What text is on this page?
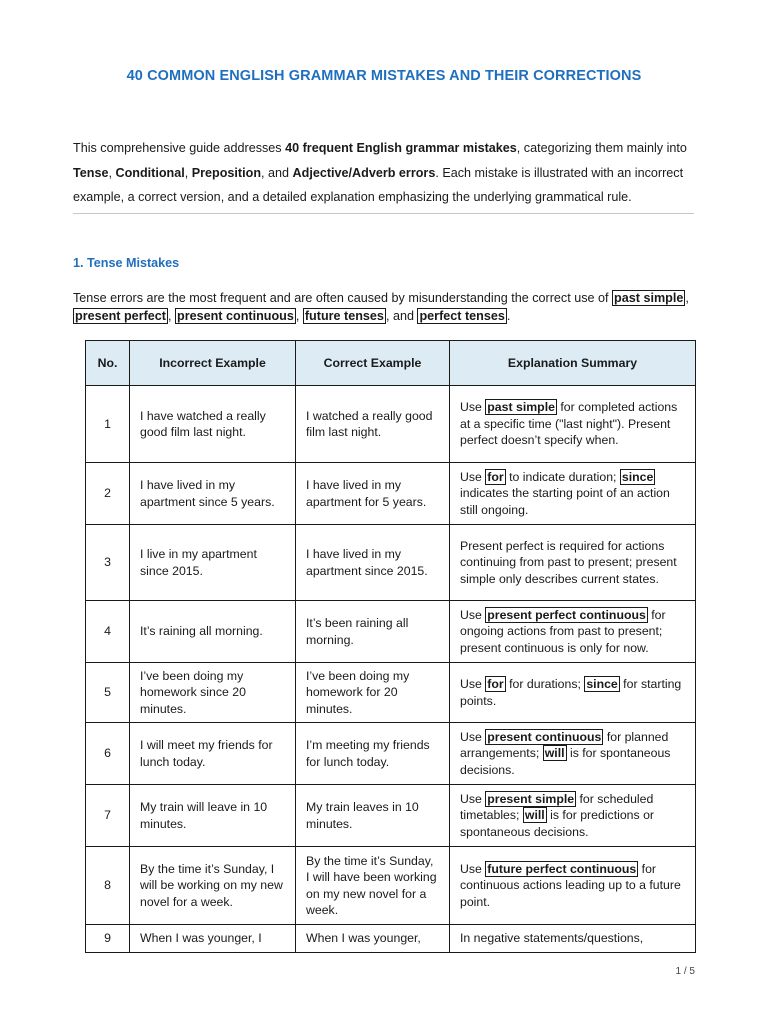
40 COMMON ENGLISH GRAMMAR MISTAKES AND THEIR CORRECTIONS

This comprehensive guide addresses 40 frequent English grammar mistakes, categorizing them mainly into Tense, Conditional, Preposition, and Adjective/Adverb errors. Each mistake is illustrated with an incorrect example, a correct version, and a detailed explanation emphasizing the underlying grammatical rule.

1. Tense Mistakes

Tense errors are the most frequent and are often caused by misunderstanding the correct use of past simple , present perfect , present continuous , future tenses , and perfect tenses .

No.	Incorrect Example	Correct Example	Explanation Summary
1	I have watched a really good film last night.	I watched a really good film last night.	Use past simple for completed actions at a specific time ("last night"). Present perfect doesn’t specify when.
2	I have lived in my apartment since 5 years.	I have lived in my apartment for 5 years.	Use for to indicate duration; since indicates the starting point of an action still ongoing.
3	I live in my apartment since 2015.	I have lived in my apartment since 2015.	Present perfect is required for actions continuing from past to present; present simple only describes current states.
4	It’s raining all morning.	It’s been raining all morning.	Use present perfect continuous for ongoing actions from past to present; present continuous is only for now.
5	I’ve been doing my homework since 20 minutes.	I’ve been doing my homework for 20 minutes.	Use for for durations; since for starting points.
6	I will meet my friends for lunch today.	I’m meeting my friends for lunch today.	Use present continuous for planned arrangements; will is for spontaneous decisions.
7	My train will leave in 10 minutes.	My train leaves in 10 minutes.	Use present simple for scheduled timetables; will is for predictions or spontaneous decisions.
8	By the time it’s Sunday, I will be working on my new novel for a week.	By the time it’s Sunday, I will have been working on my new novel for a week.	Use future perfect continuous for continuous actions leading up to a future point.
9	When I was younger, I	When I was younger,	In negative statements/questions,
1 / 5
